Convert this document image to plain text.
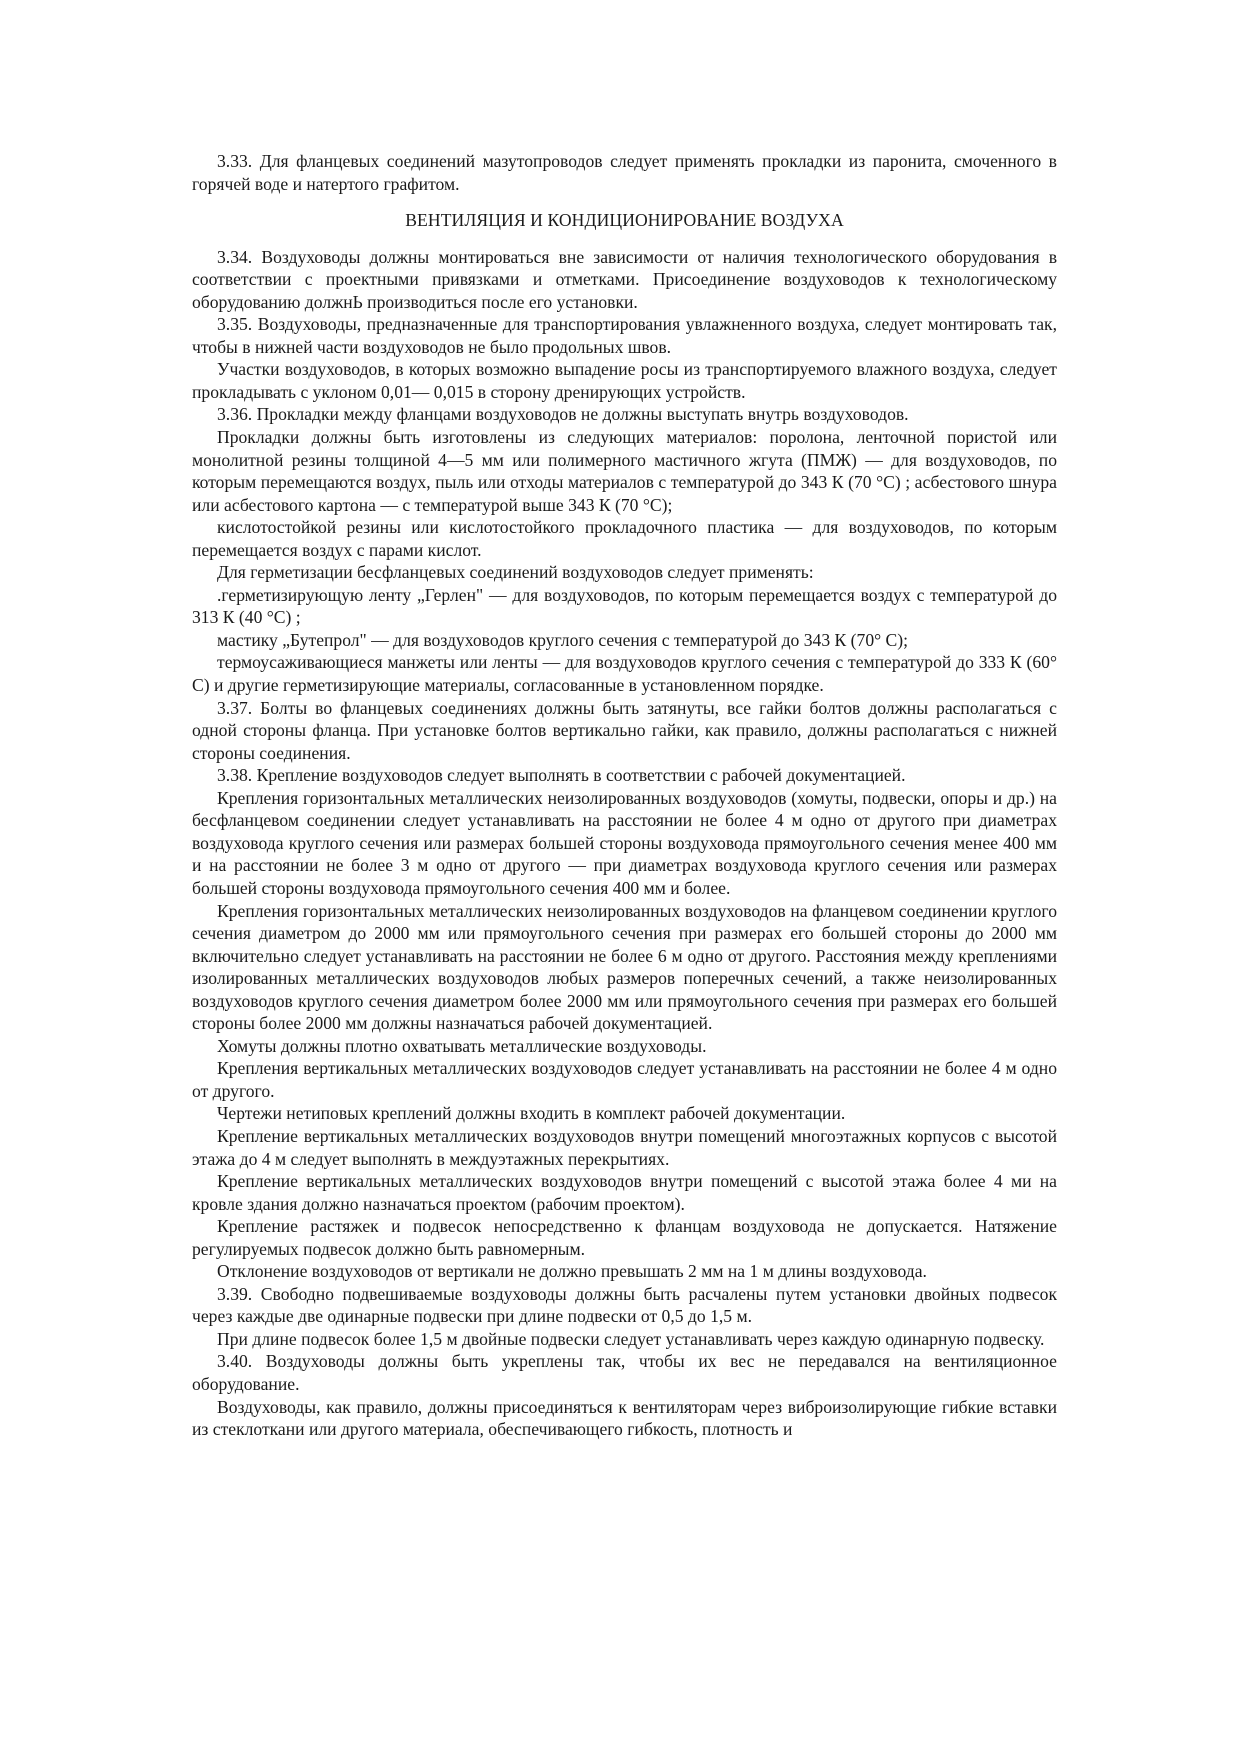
3.33. Для фланцевых соединений мазутопроводов следует применять прокладки из паронита, смоченного в горячей воде и натертого графитом.

ВЕНТИЛЯЦИЯ И КОНДИЦИОНИРОВАНИЕ ВОЗДУХА

3.34. Воздуховоды должны монтироваться вне зависимости от наличия технологического оборудования в соответствии с проектными привязками и отметками. Присоединение воздуховодов к технологическому оборудованию должнЬ производиться после его установки.

3.35. Воздуховоды, предназначенные для транспортирования увлажненного воздуха, следует монтировать так, чтобы в нижней части воздуховодов не было продольных швов.

Участки воздуховодов, в которых возможно выпадение росы из транспортируемого влажного воздуха, следует прокладывать с уклоном 0,01— 0,015 в сторону дренирующих устройств.

3.36. Прокладки между фланцами воздуховодов не должны выступать внутрь воздуховодов.

Прокладки должны быть изготовлены из следующих материалов: поролона, ленточной пористой или монолитной резины толщиной 4—5 мм или полимерного мастичного жгута (ПМЖ) — для воздуховодов, по которым перемещаются воздух, пыль или отходы материалов с температурой до 343 К (70 °С) ; асбестового шнура или асбестового картона — с температурой выше 343 К (70 °С);

кислотостойкой резины или кислотостойкого прокладочного пластика — для воздуховодов, по которым перемещается воздух с парами кислот.

Для герметизации бесфланцевых соединений воздуховодов следует применять:

.герметизирующую ленту „Герлен" — для воздуховодов, по которым перемещается воздух с температурой до 313 К (40 °С) ;

мастику „Бутепрол" — для воздуховодов круглого сечения с температурой до 343 К (70° С);

термоусаживающиеся манжеты или ленты — для воздуховодов круглого сечения с температурой до 333 К (60° С) и другие герметизирующие материалы, согласованные в установленном порядке.

3.37. Болты во фланцевых соединениях должны быть затянуты, все гайки болтов должны располагаться с одной стороны фланца. При установке болтов вертикально гайки, как правило, должны располагаться с нижней стороны соединения.

3.38. Крепление воздуховодов следует выполнять в соответствии с рабочей документацией.

Крепления горизонтальных металлических неизолированных воздуховодов (хомуты, подвески, опоры и др.) на бесфланцевом соединении следует устанавливать на расстоянии не более 4 м одно от другого при диаметрах воздуховода круглого сечения или размерах большей стороны воздуховода прямоугольного сечения менее 400 мм и на расстоянии не более 3 м одно от другого — при диаметрах воздуховода круглого сечения или размерах большей стороны воздуховода прямоугольного сечения 400 мм и более.

Крепления горизонтальных металлических неизолированных воздуховодов на фланцевом соединении круглого сечения диаметром до 2000 мм или прямоугольного сечения при размерах его большей стороны до 2000 мм включительно следует устанавливать на расстоянии не более 6 м одно от другого. Расстояния между креплениями изолированных металлических воздуховодов любых размеров поперечных сечений, а также неизолированных воздуховодов круглого сечения диаметром более 2000 мм или прямоугольного сечения при размерах его большей стороны более 2000 мм должны назначаться рабочей документацией.

Хомуты должны плотно охватывать металлические воздуховоды.

Крепления вертикальных металлических воздуховодов следует устанавливать на расстоянии не более 4 м одно от другого.

Чертежи нетиповых креплений должны входить в комплект рабочей документации.

Крепление вертикальных металлических воздуховодов внутри помещений многоэтажных корпусов с высотой этажа до 4 м следует выполнять в междуэтажных перекрытиях.

Крепление вертикальных металлических воздуховодов внутри помещений с высотой этажа более 4 ми на кровле здания должно назначаться проектом (рабочим проектом).

Крепление растяжек и подвесок непосредственно к фланцам воздуховода не допускается. Натяжение регулируемых подвесок должно быть равномерным.

Отклонение воздуховодов от вертикали не должно превышать 2 мм на 1 м длины воздуховода.

3.39. Свободно подвешиваемые воздуховоды должны быть расчалены путем установки двойных подвесок через каждые две одинарные подвески при длине подвески от 0,5 до 1,5 м.

При длине подвесок более 1,5 м двойные подвески следует устанавливать через каждую одинарную подвеску.

3.40. Воздуховоды должны быть укреплены так, чтобы их вес не передавался на вентиляционное оборудование.

Воздуховоды, как правило, должны присоединяться к вентиляторам через виброизолирующие гибкие вставки из стеклоткани или другого материала, обеспечивающего гибкость, плотность и
